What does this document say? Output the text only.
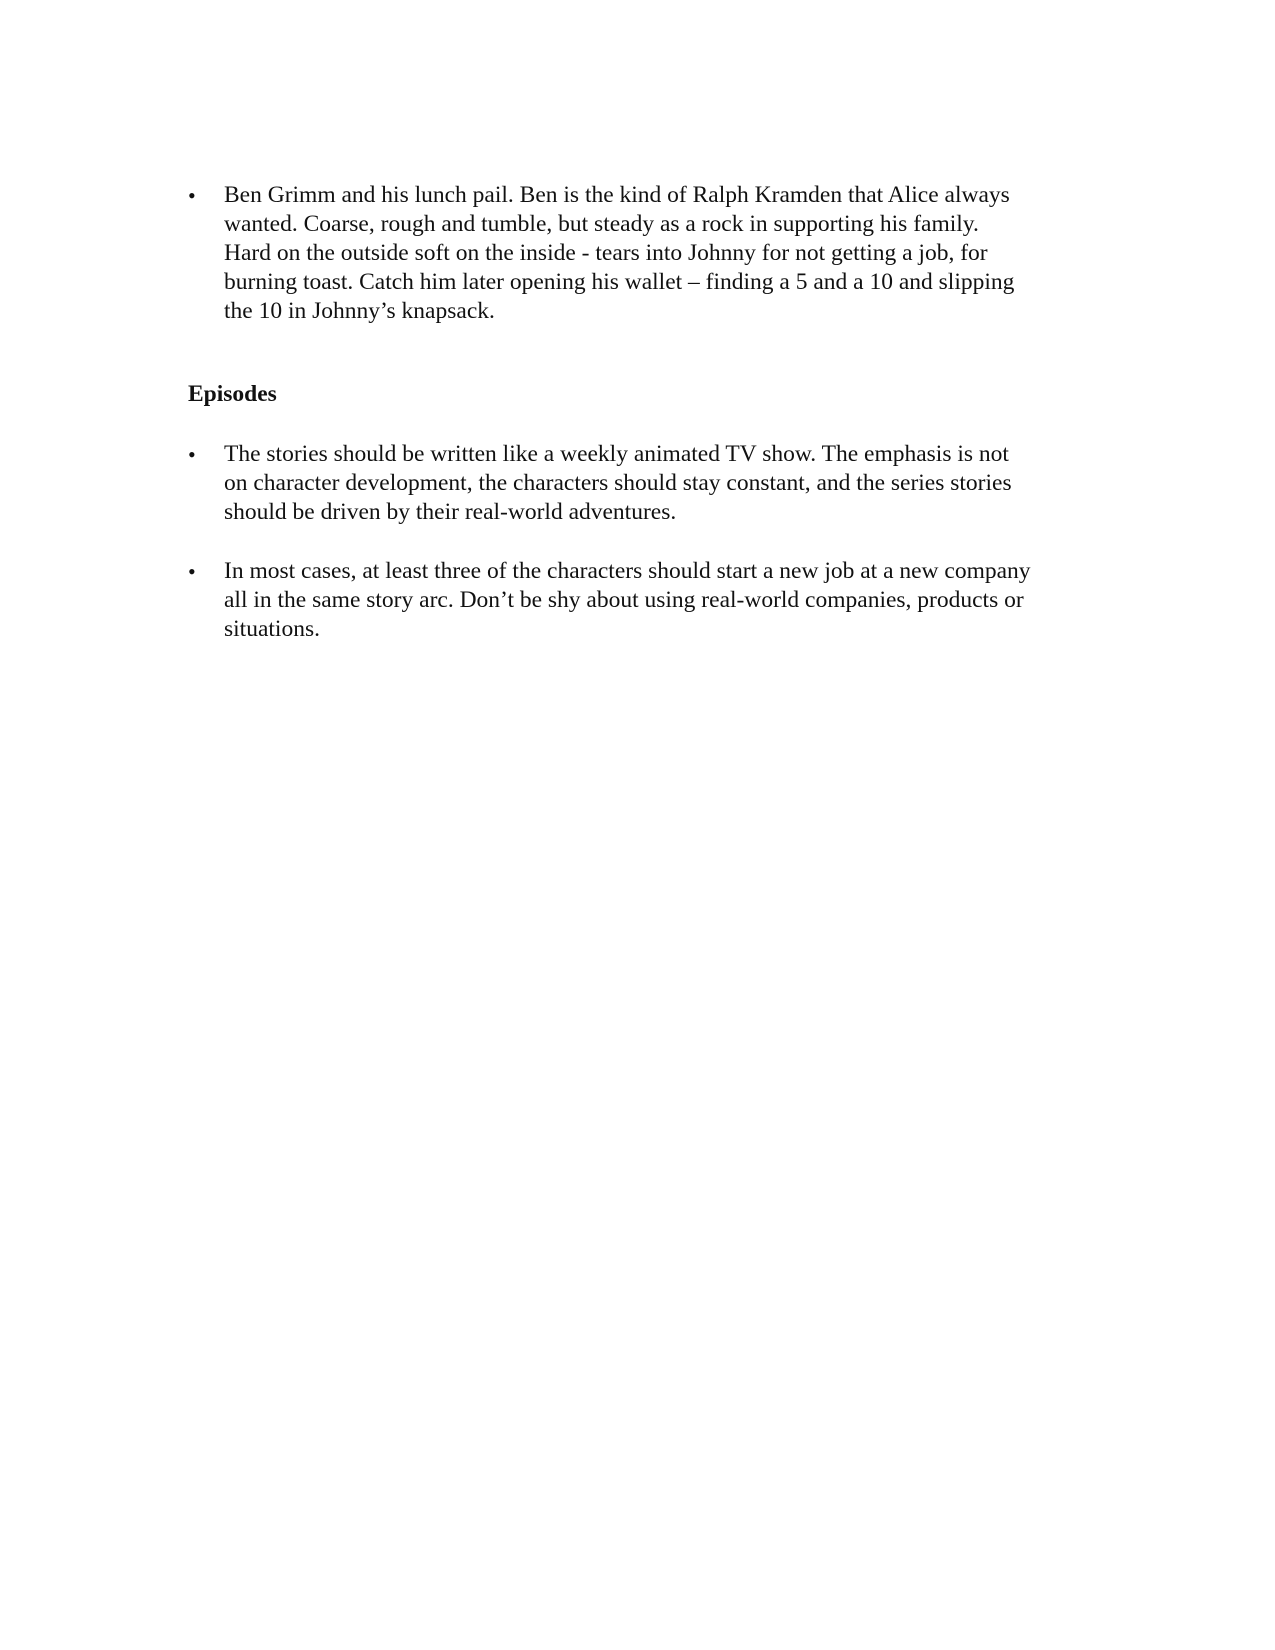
• Ben Grimm and his lunch pail. Ben is the kind of Ralph Kramden that Alice always
wanted. Coarse, rough and tumble, but steady as a rock in supporting his family.
Hard on the outside soft on the inside - tears into Johnny for not getting a job, for
burning toast. Catch him later opening his wallet – finding a 5 and a 10 and slipping
the 10 in Johnny’s knapsack.

Episodes
• The stories should be written like a weekly animated TV show. The emphasis is not
on character development, the characters should stay constant, and the series stories
should be driven by their real-world adventures.

• In most cases, at least three of the characters should start a new job at a new company
all in the same story arc. Don’t be shy about using real-world companies, products or
situations.
